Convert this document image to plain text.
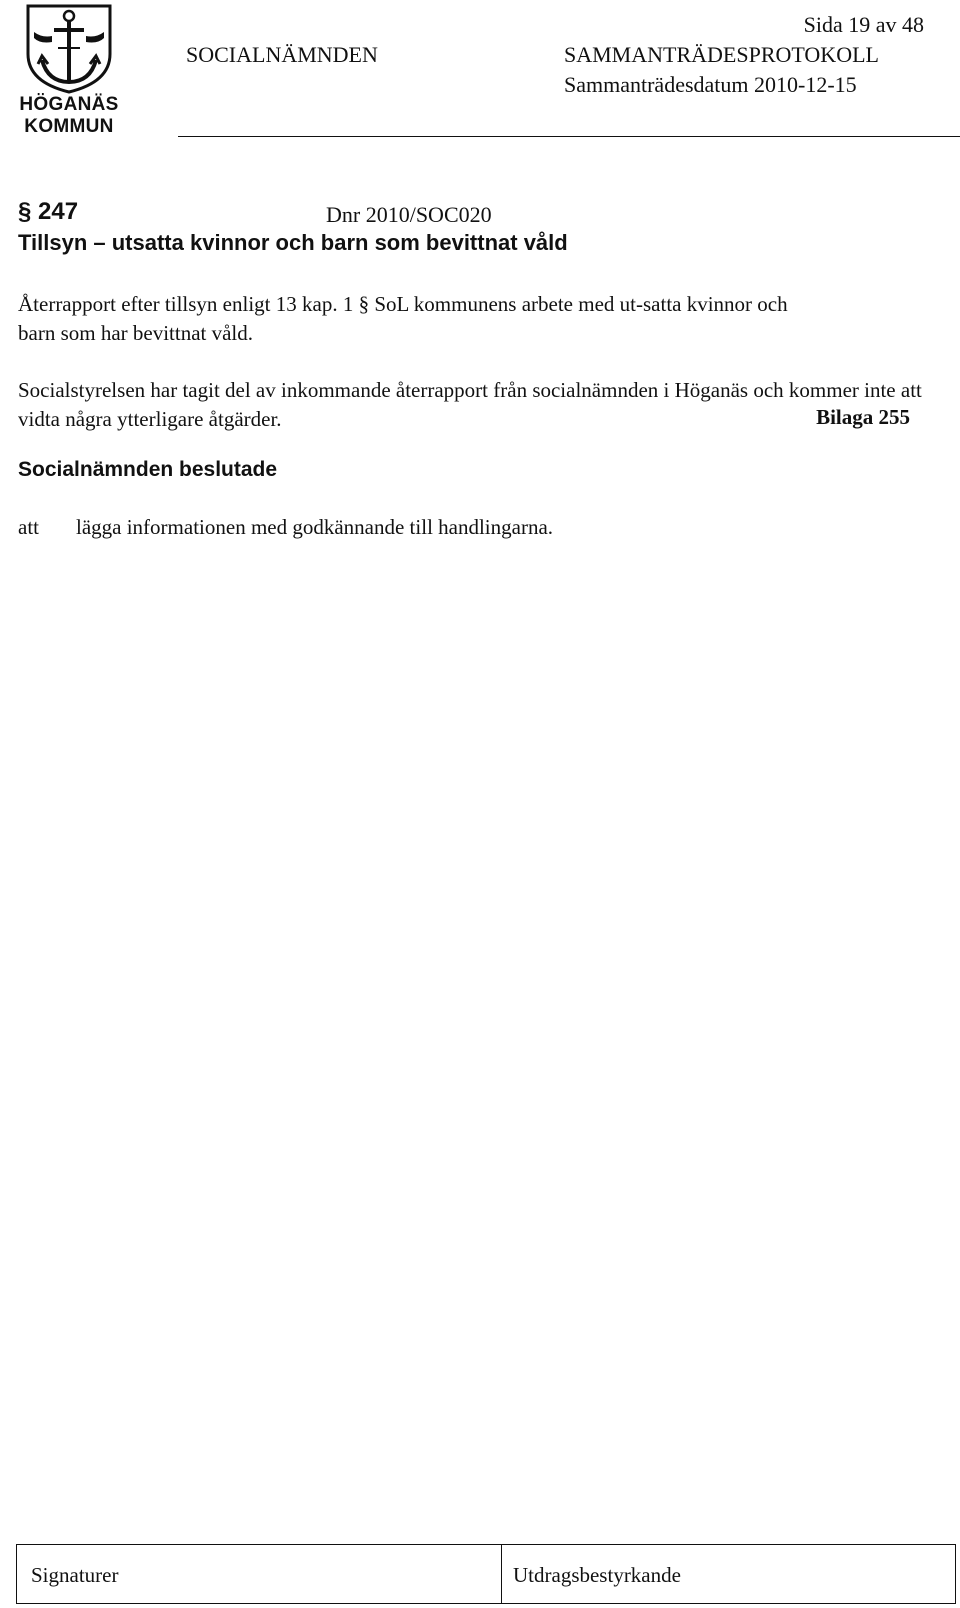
HÖGANÄS
KOMMUN
Sida 19 av 48
SOCIALNÄMNDEN	SAMMANTRÄDESPROTOKOLL
Sammanträdesdatum 2010-12-15
§ 247	Dnr 2010/SOC020
Tillsyn – utsatta kvinnor och barn som bevittnat våld

Återrapport efter tillsyn enligt 13 kap. 1 § SoL kommunens arbete med ut-satta kvinnor och barn som har bevittnat våld.

Socialstyrelsen har tagit del av inkommande återrapport från socialnämnden i Höganäs och kommer inte att vidta några ytterligare åtgärder.	Bilaga 255
Socialnämnden beslutade
att lägga informationen med godkännande till handlingarna.
Signaturer	Utdragsbestyrkande
